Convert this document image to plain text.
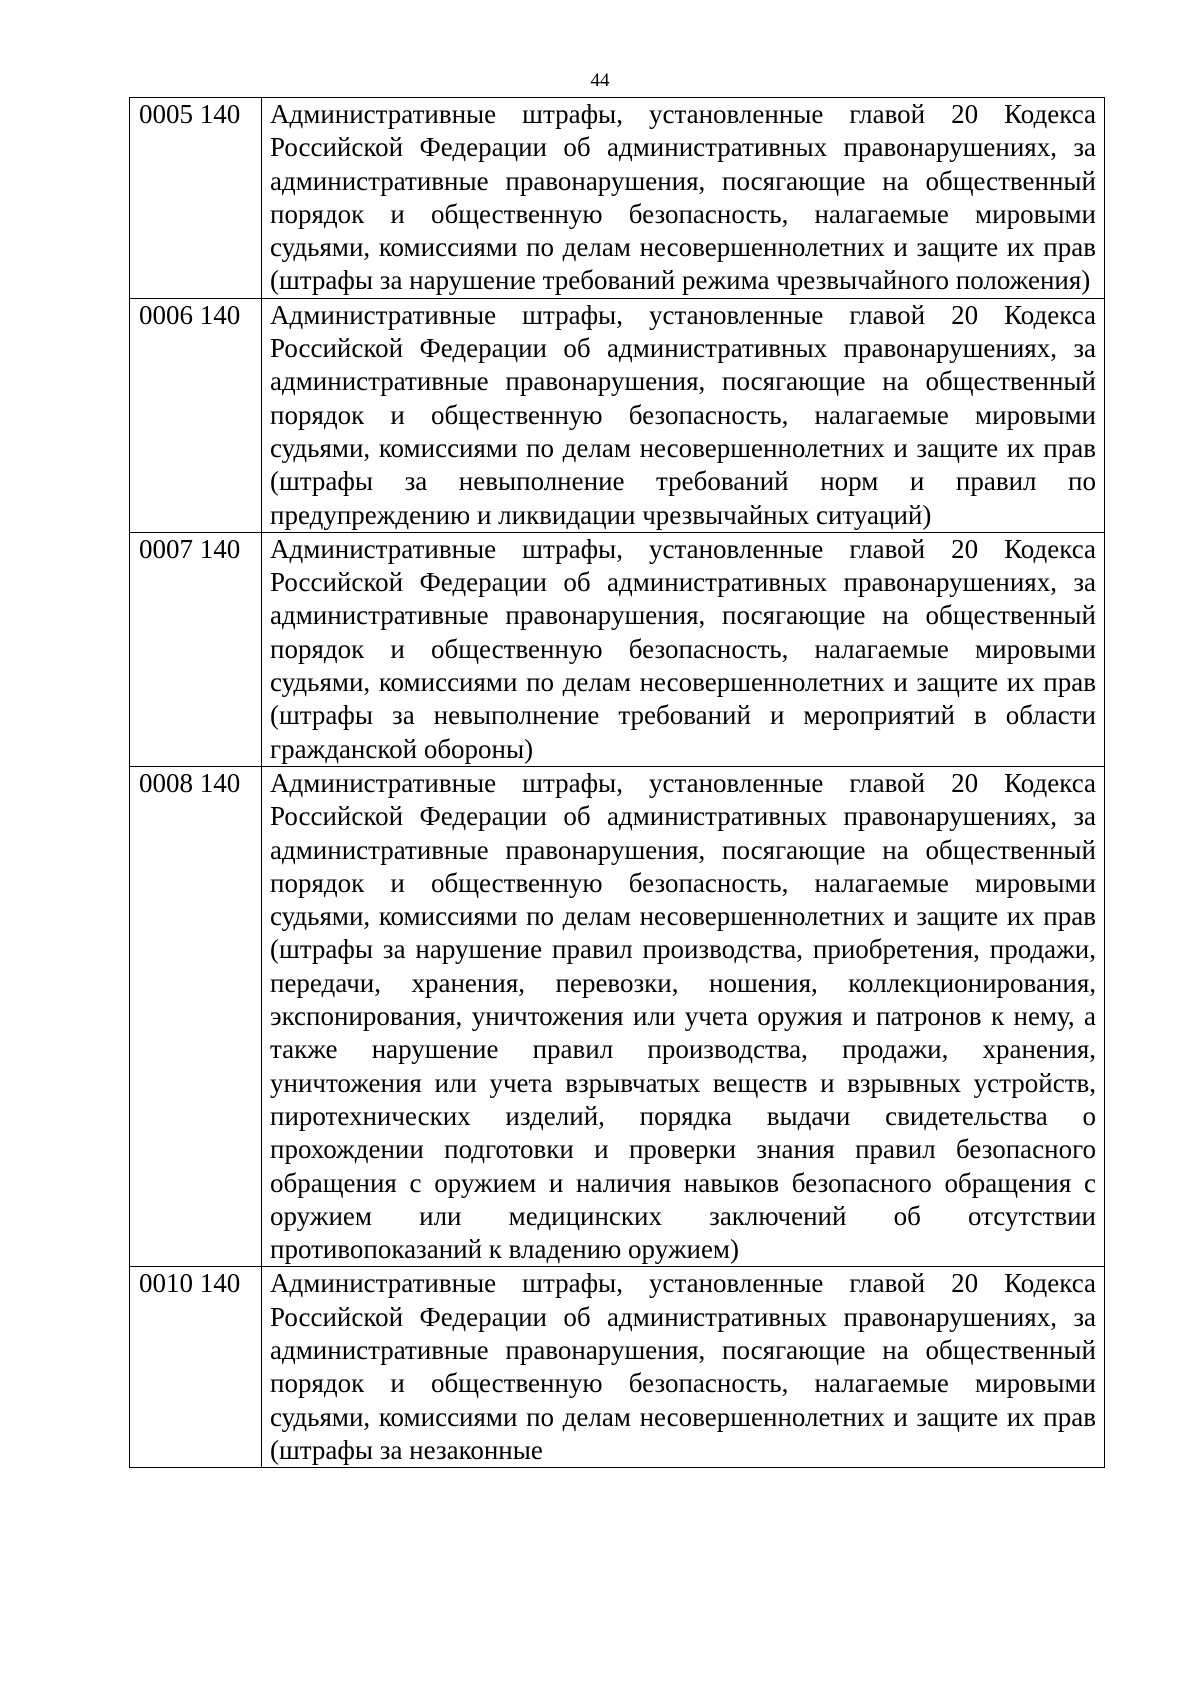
44
0005 140	Административные штрафы, установленные главой 20 Кодекса Российской Федерации об административных правонарушениях, за административные правонарушения, посягающие на общественный порядок и общественную безопасность, налагаемые мировыми судьями, комиссиями по делам несовершеннолетних и защите их прав (штрафы за нарушение требований режима чрезвычайного положения)
0006 140	Административные штрафы, установленные главой 20 Кодекса Российской Федерации об административных правонарушениях, за административные правонарушения, посягающие на общественный порядок и общественную безопасность, налагаемые мировыми судьями, комиссиями по делам несовершеннолетних и защите их прав (штрафы за невыполнение требований норм и правил по предупреждению и ликвидации чрезвычайных ситуаций)
0007 140	Административные штрафы, установленные главой 20 Кодекса Российской Федерации об административных правонарушениях, за административные правонарушения, посягающие на общественный порядок и общественную безопасность, налагаемые мировыми судьями, комиссиями по делам несовершеннолетних и защите их прав (штрафы за невыполнение требований и мероприятий в области гражданской обороны)
0008 140	Административные штрафы, установленные главой 20 Кодекса Российской Федерации об административных правонарушениях, за административные правонарушения, посягающие на общественный порядок и общественную безопасность, налагаемые мировыми судьями, комиссиями по делам несовершеннолетних и защите их прав (штрафы за нарушение правил производства, приобретения, продажи, передачи, хранения, перевозки, ношения, коллекционирования, экспонирования, уничтожения или учета оружия и патронов к нему, а также нарушение правил производства, продажи, хранения, уничтожения или учета взрывчатых веществ и взрывных устройств, пиротехнических изделий, порядка выдачи свидетельства о прохождении подготовки и проверки знания правил безопасного обращения с оружием и наличия навыков безопасного обращения с оружием или медицинских заключений об отсутствии противопоказаний к владению оружием)
0010 140	Административные штрафы, установленные главой 20 Кодекса Российской Федерации об административных правонарушениях, за административные правонарушения, посягающие на общественный порядок и общественную безопасность, налагаемые мировыми судьями, комиссиями по делам несовершеннолетних и защите их прав (штрафы за незаконные
